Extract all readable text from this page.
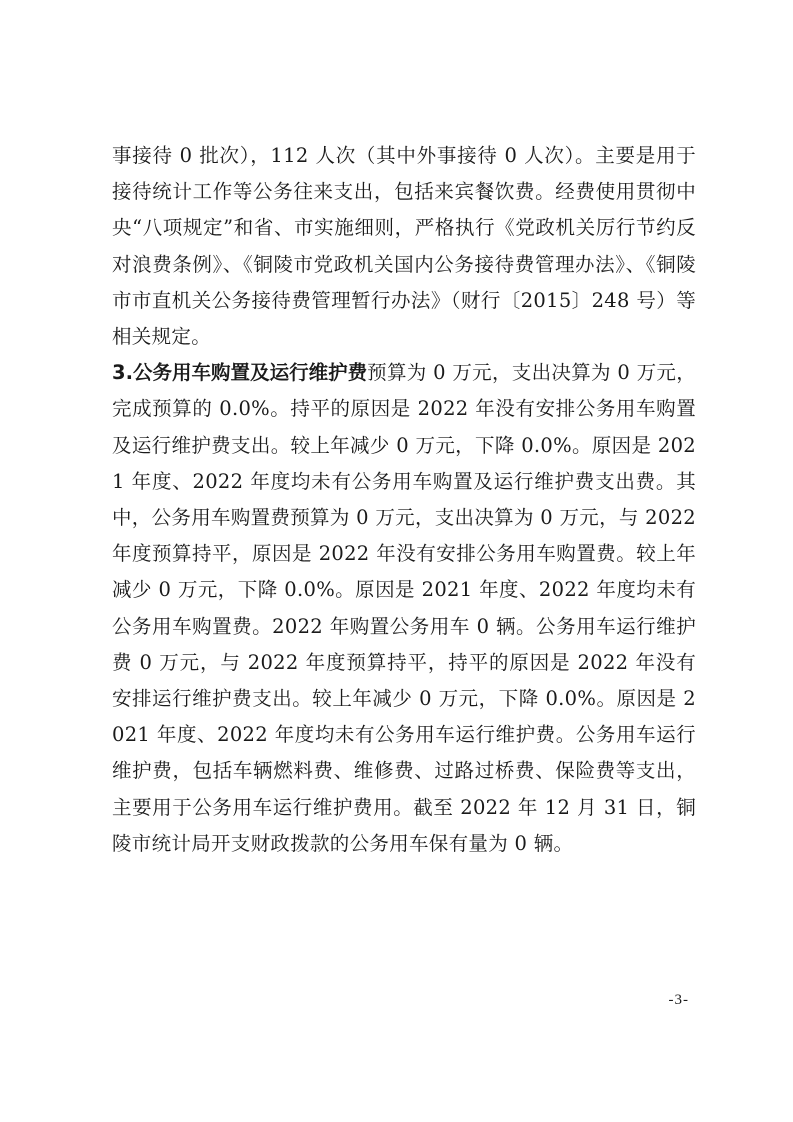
事接待 0 批次），112 人次（其中外事接待 0 人次）。主要是用于接待统计工作等公务往来支出，包括来宾餐饮费。经费使用贯彻中央“八项规定”和省、市实施细则，严格执行《党政机关厉行节约反对浪费条例》、《铜陵市党政机关国内公务接待费管理办法》、《铜陵市市直机关公务接待费管理暂行办法》（财行〔2015〕248 号）等相关规定。

3.公务用车购置及运行维护费预算为 0 万元，支出决算为 0 万元，完成预算的 0.0%。持平的原因是 2022 年没有安排公务用车购置及运行维护费支出。较上年减少 0 万元，下降 0.0%。原因是 2021 年度、2022 年度均未有公务用车购置及运行维护费支出费。其中，公务用车购置费预算为 0 万元，支出决算为 0 万元，与 2022 年度预算持平，原因是 2022 年没有安排公务用车购置费。较上年减少 0 万元，下降 0.0%。原因是 2021 年度、2022 年度均未有公务用车购置费。2022 年购置公务用车 0 辆。公务用车运行维护费 0 万元，与 2022 年度预算持平，持平的原因是 2022 年没有安排运行维护费支出。较上年减少 0 万元，下降 0.0%。原因是 2021 年度、2022 年度均未有公务用车运行维护费。公务用车运行维护费，包括车辆燃料费、维修费、过路过桥费、保险费等支出，主要用于公务用车运行维护费用。截至 2022 年 12 月 31 日，铜陵市统计局开支财政拨款的公务用车保有量为 0 辆。

-3-
